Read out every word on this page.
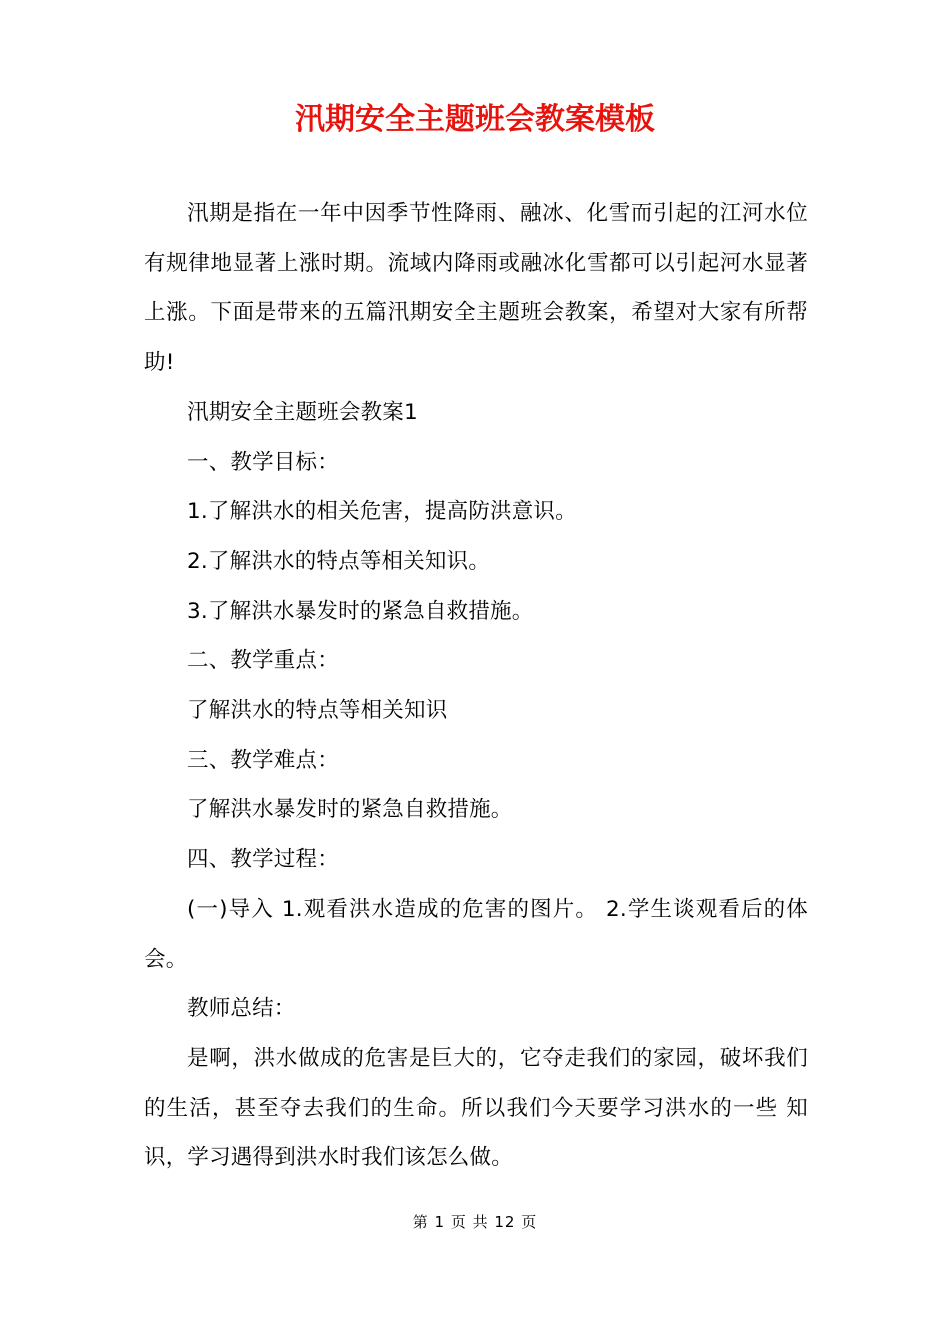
汛期安全主题班会教案模板

汛期是指在一年中因季节性降雨、融冰、化雪而引起的江河水位有规律地显著上涨时期。流域内降雨或融冰化雪都可以引起河水显著上涨。下面是带来的五篇汛期安全主题班会教案，希望对大家有所帮助!

汛期安全主题班会教案1

一、教学目标：

1.了解洪水的相关危害，提高防洪意识。

2.了解洪水的特点等相关知识。

3.了解洪水暴发时的紧急自救措施。

二、教学重点：

了解洪水的特点等相关知识

三、教学难点：

了解洪水暴发时的紧急自救措施。

四、教学过程：

(一)导入 1.观看洪水造成的危害的图片。 2.学生谈观看后的体会。

教师总结：

是啊，洪水做成的危害是巨大的，它夺走我们的家园，破坏我们的生活，甚至夺去我们的生命。所以我们今天要学习洪水的一些 知识，学习遇得到洪水时我们该怎么做。

第 1 页 共 12 页
